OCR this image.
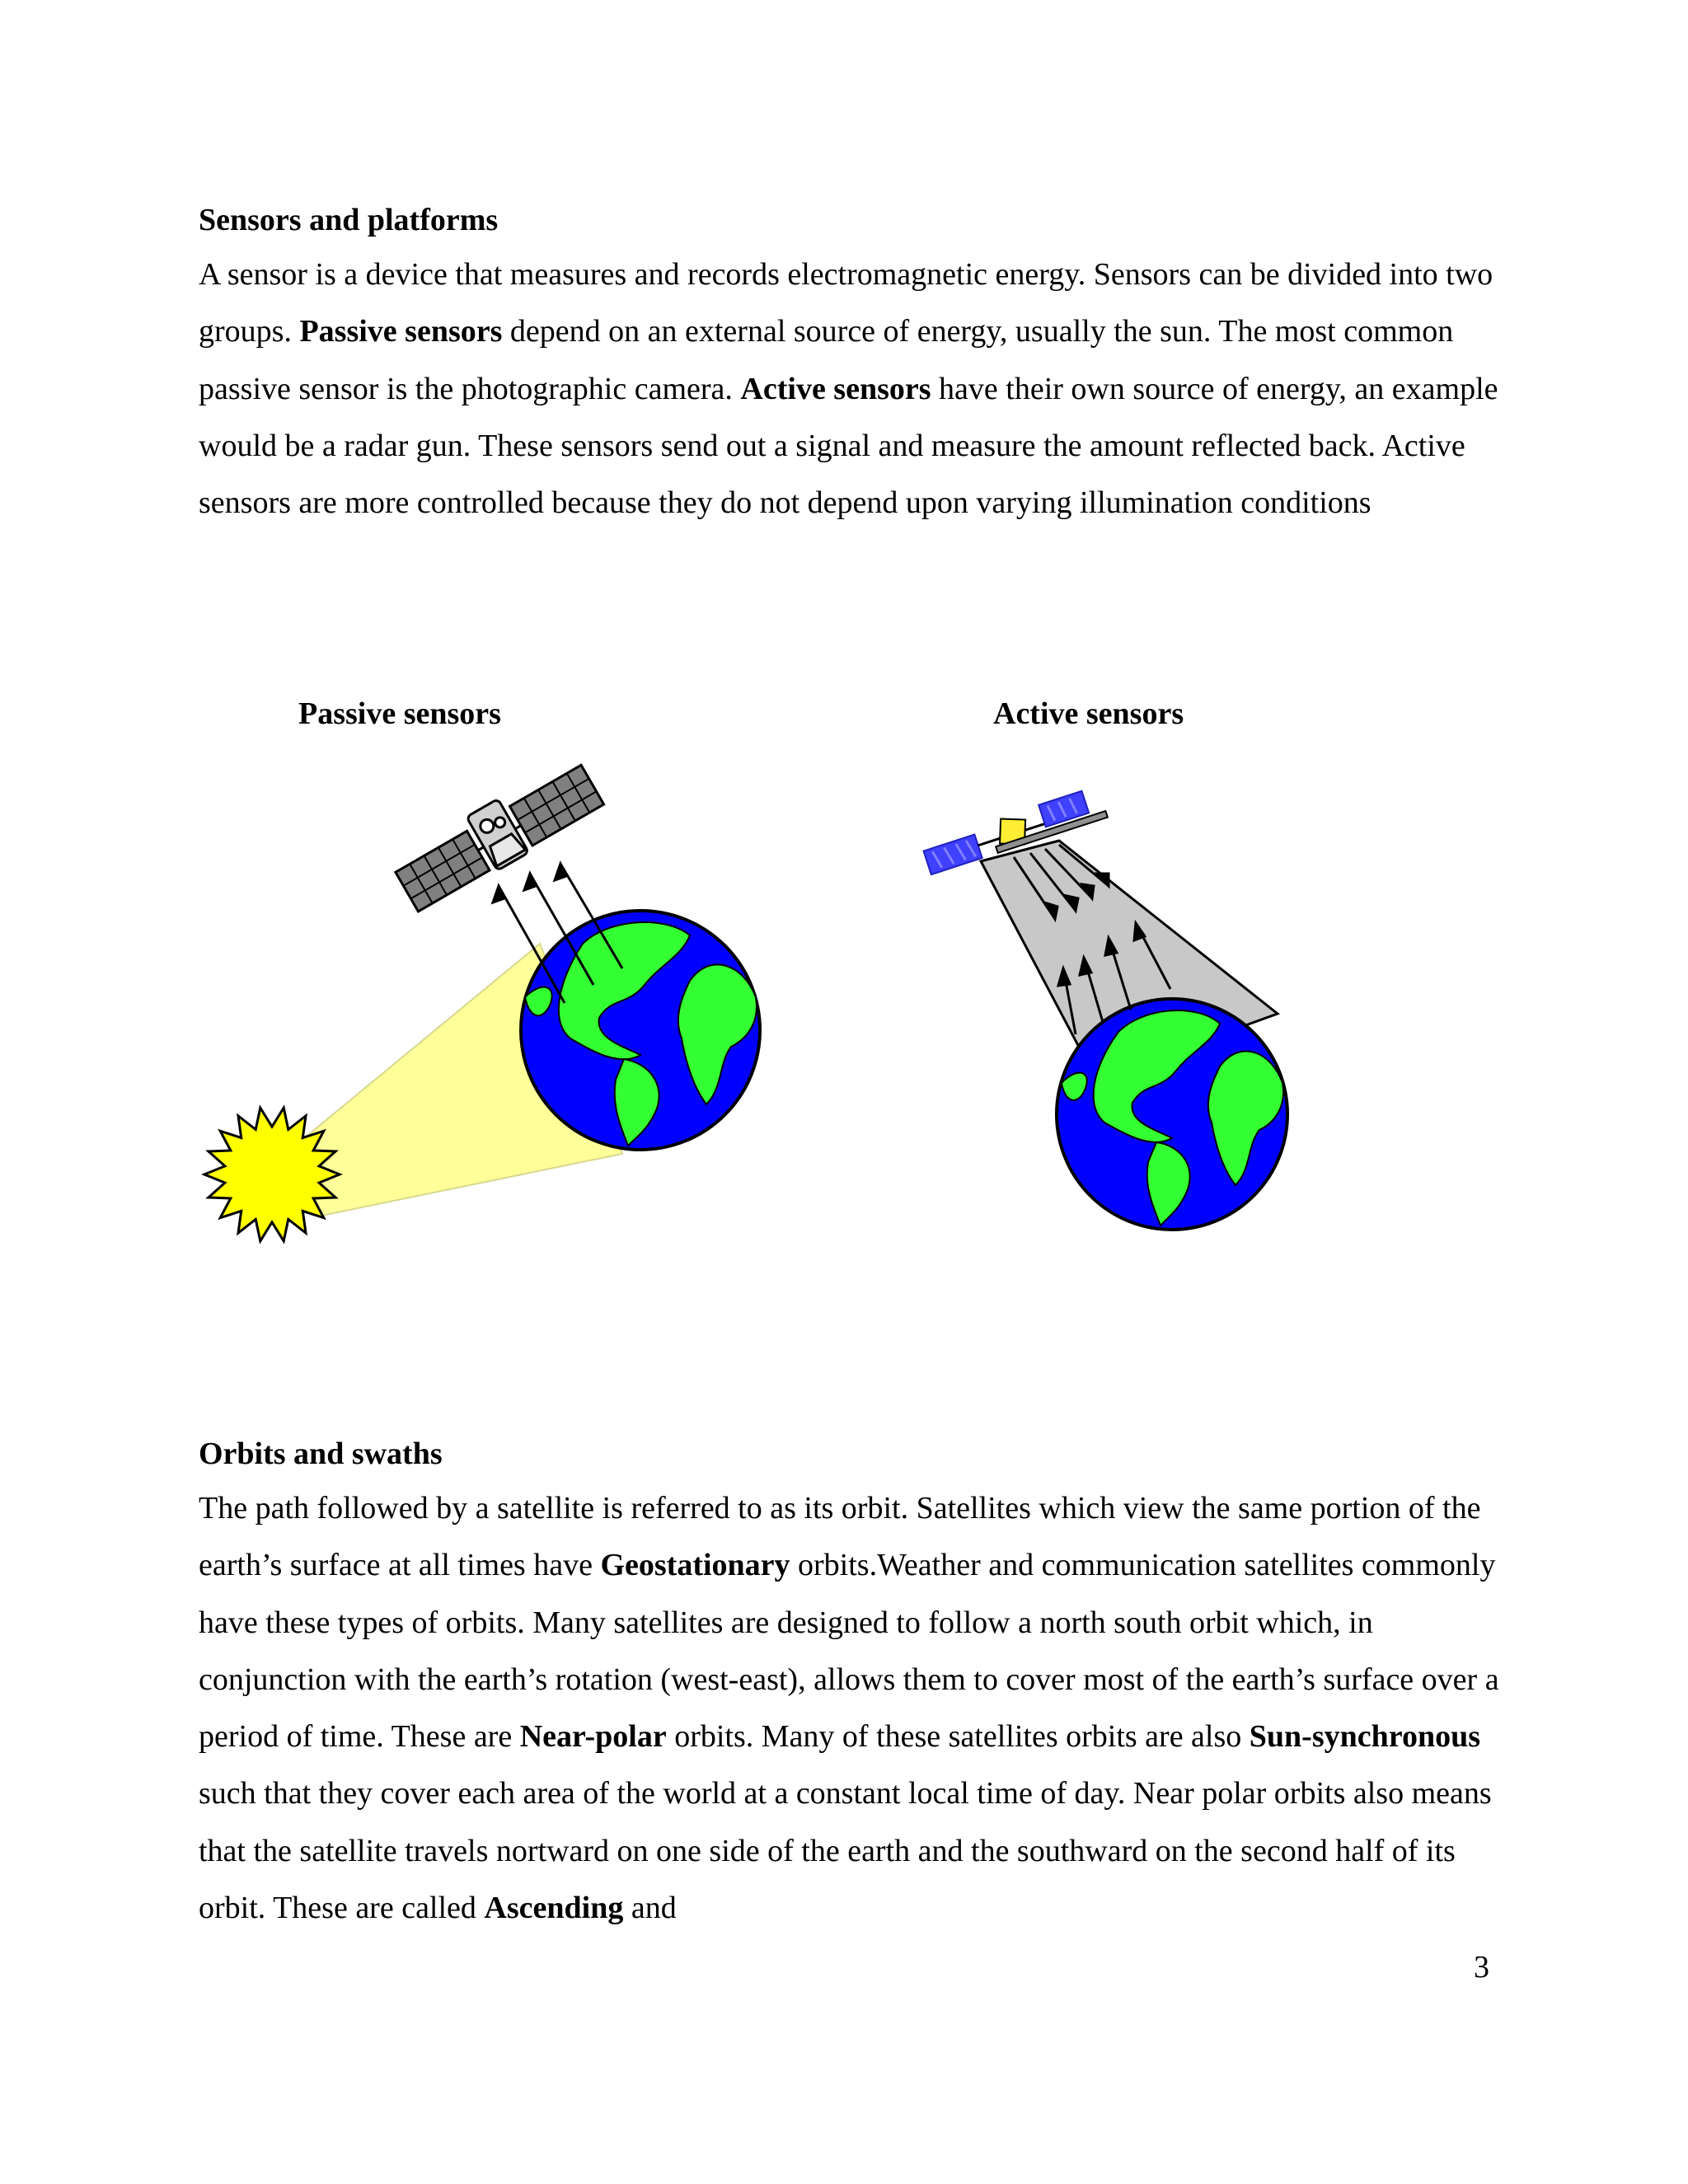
Sensors and platforms

A sensor is a device that measures and records electromagnetic energy. Sensors can be divided into two groups. Passive sensors depend on an external source of energy, usually the sun. The most common passive sensor is the photographic camera. Active sensors have their own source of energy, an example would be a radar gun. These sensors send out a signal and measure the amount reflected back. Active sensors are more controlled because they do not depend upon varying illumination conditions

Passive sensors	Active sensors
Orbits and swaths

The path followed by a satellite is referred to as its orbit. Satellites which view the same portion of the earth’s surface at all times have Geostationary orbits.Weather and communication satellites commonly have these types of orbits. Many satellites are designed to follow a north south orbit which, in conjunction with the earth’s rotation (west-east), allows them to cover most of the earth’s surface over a period of time. These are Near-polar orbits. Many of these satellites orbits are also Sun-synchronous such that they cover each area of the world at a constant local time of day. Near polar orbits also means that the satellite travels nortward on one side of the earth and the southward on the second half of its orbit. These are called Ascending and

3
